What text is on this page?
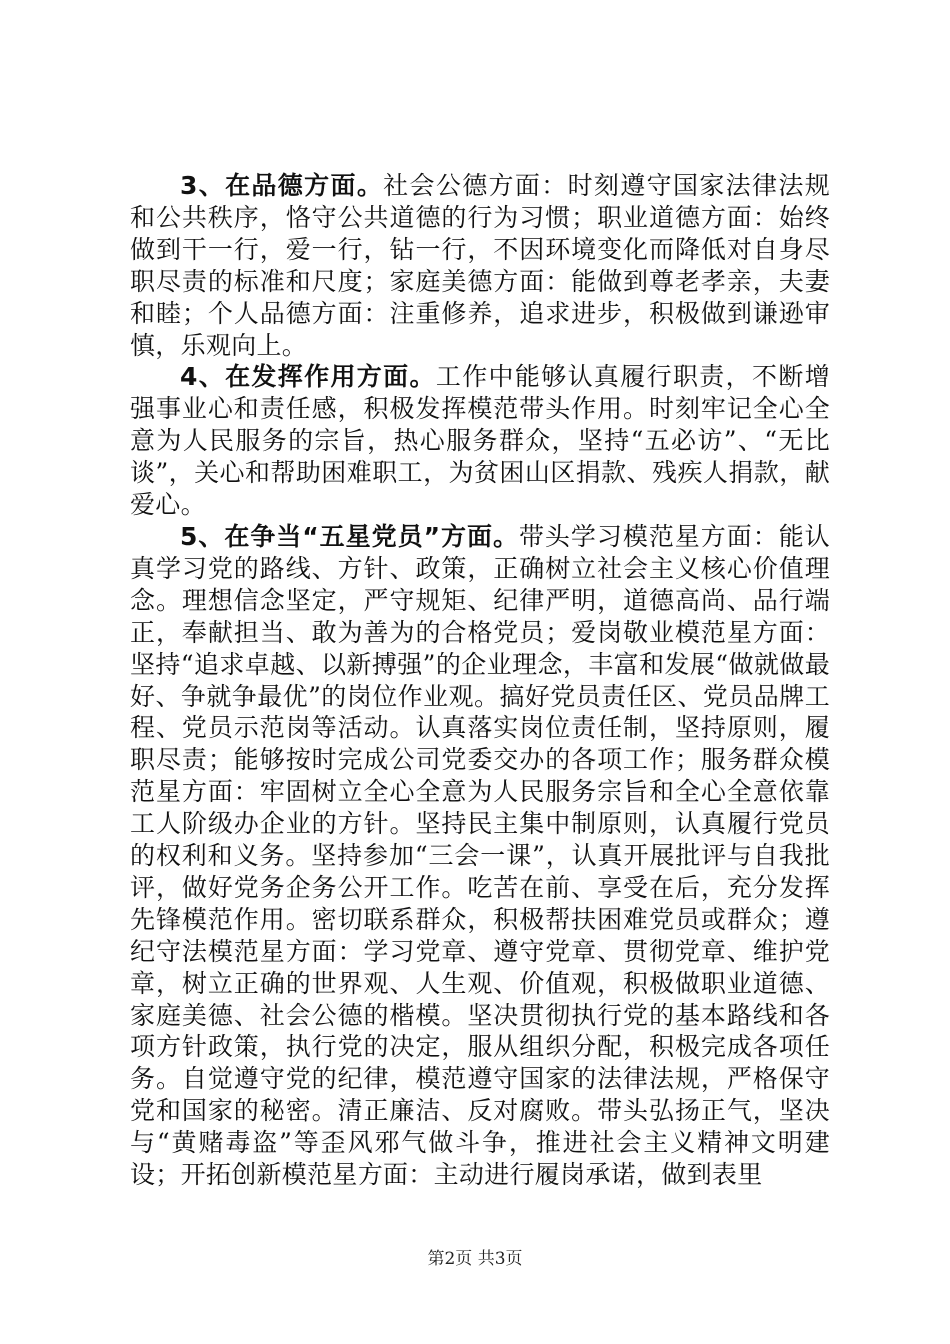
3、在品德方面。社会公德方面：时刻遵守国家法律法规和公共秩序，恪守公共道德的行为习惯；职业道德方面：始终做到干一行，爱一行，钻一行，不因环境变化而降低对自身尽职尽责的标准和尺度；家庭美德方面：能做到尊老孝亲，夫妻和睦；个人品德方面：注重修养，追求进步，积极做到谦逊审慎，乐观向上。

4、在发挥作用方面。工作中能够认真履行职责，不断增强事业心和责任感，积极发挥模范带头作用。时刻牢记全心全意为人民服务的宗旨，热心服务群众，坚持“五必访”、“无比谈”，关心和帮助困难职工，为贫困山区捐款、残疾人捐款，献爱心。

5、在争当“五星党员”方面。带头学习模范星方面：能认真学习党的路线、方针、政策，正确树立社会主义核心价值理念。理想信念坚定，严守规矩、纪律严明，道德高尚、品行端正，奉献担当、敢为善为的合格党员；爱岗敬业模范星方面：坚持“追求卓越、以新搏强”的企业理念，丰富和发展“做就做最好、争就争最优”的岗位作业观。搞好党员责任区、党员品牌工程、党员示范岗等活动。认真落实岗位责任制，坚持原则，履职尽责；能够按时完成公司党委交办的各项工作；服务群众模范星方面：牢固树立全心全意为人民服务宗旨和全心全意依靠工人阶级办企业的方针。坚持民主集中制原则，认真履行党员的权利和义务。坚持参加“三会一课”，认真开展批评与自我批评，做好党务企务公开工作。吃苦在前、享受在后，充分发挥先锋模范作用。密切联系群众，积极帮扶困难党员或群众；遵纪守法模范星方面：学习党章、遵守党章、贯彻党章、维护党章，树立正确的世界观、人生观、价值观，积极做职业道德、家庭美德、社会公德的楷模。坚决贯彻执行党的基本路线和各项方针政策，执行党的决定，服从组织分配，积极完成各项任务。自觉遵守党的纪律，模范遵守国家的法律法规，严格保守党和国家的秘密。清正廉洁、反对腐败。带头弘扬正气，坚决与“黄赌毒盗”等歪风邪气做斗争，推进社会主义精神文明建设；开拓创新模范星方面：主动进行履岗承诺，做到表里

第2页 共3页
